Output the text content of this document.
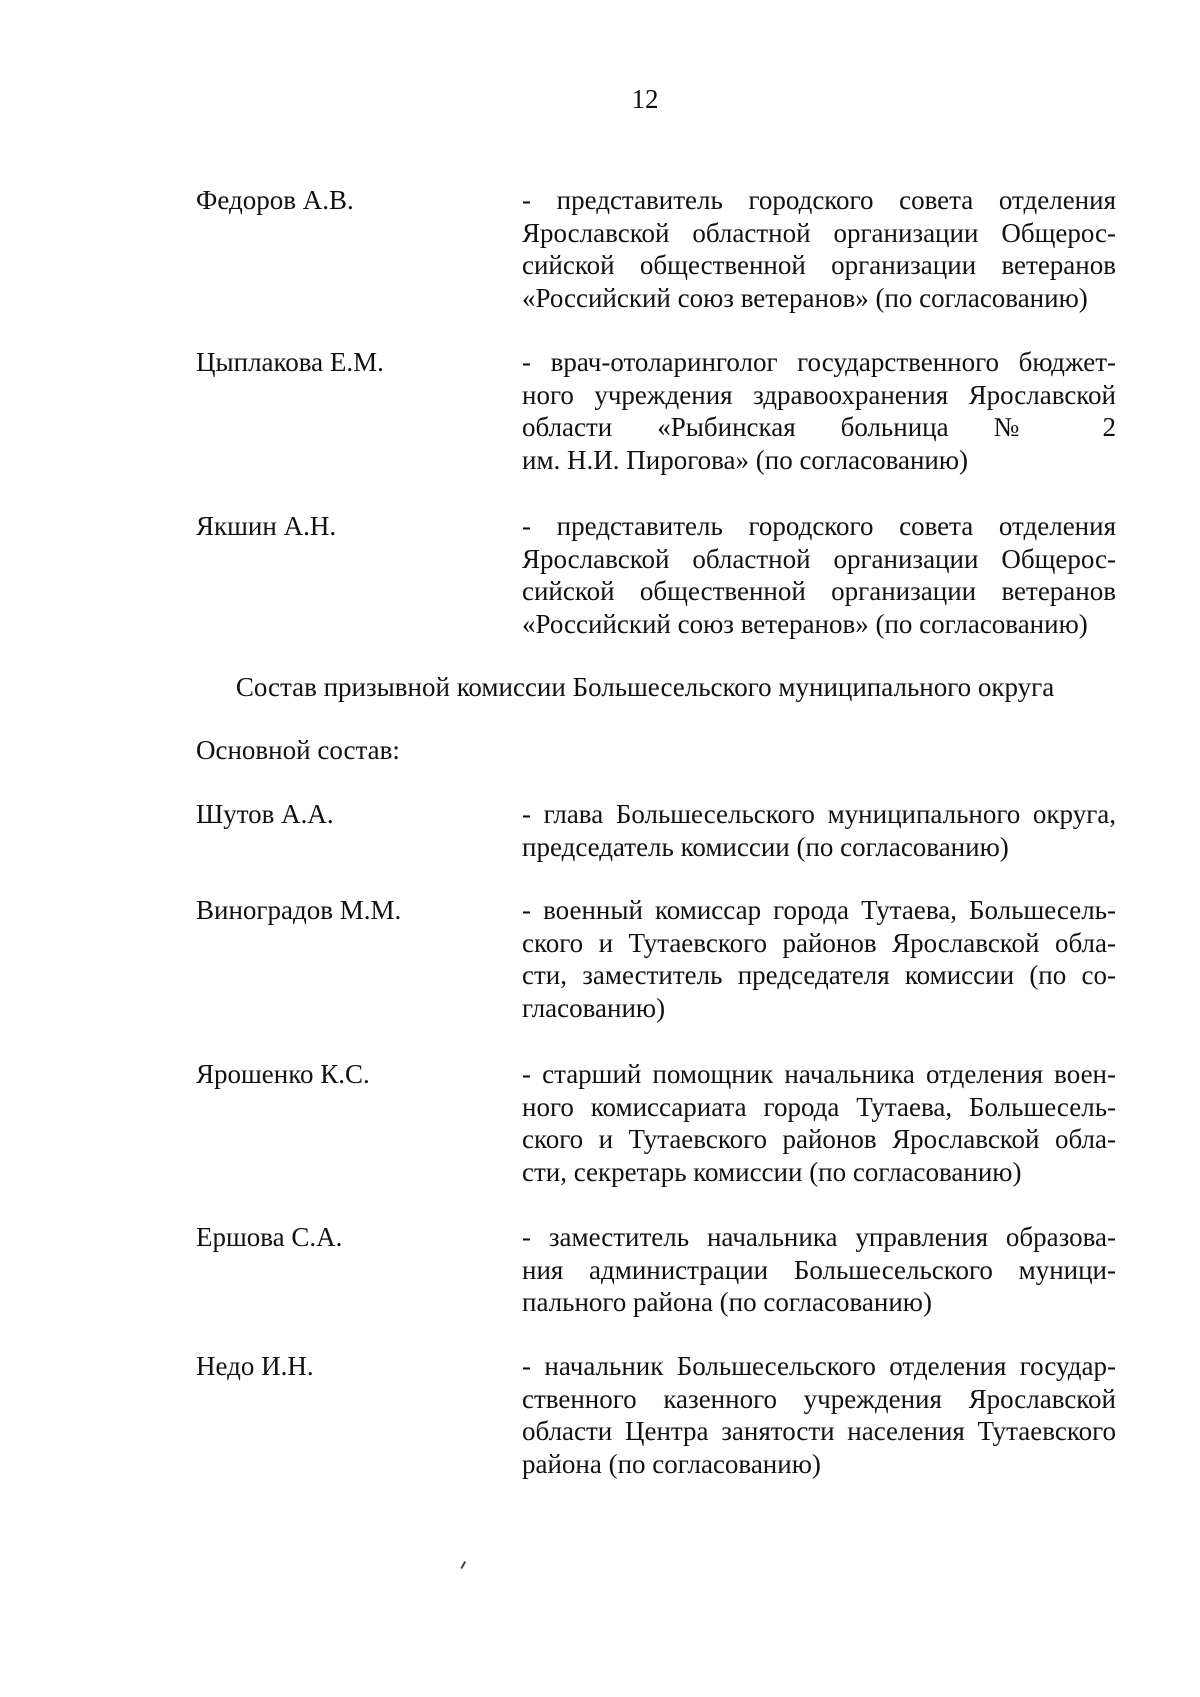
12
Федоров А.В.	- представитель городского совета отделения
Ярославской областной организации Общерос-
сийской общественной организации ветеранов
«Российский союз ветеранов» (по согласованию)
Цыплакова Е.М.	- врач-отоларинголог государственного бюджет-
ного учреждения здравоохранения Ярославской
области «Рыбинская больница № 2
им. Н.И. Пирогова» (по согласованию)
Якшин А.Н.	- представитель городского совета отделения
Ярославской областной организации Общерос-
сийской общественной организации ветеранов
«Российский союз ветеранов» (по согласованию)
Состав призывной комиссии Большесельского муниципального округа
Основной состав:
Шутов А.А.	- глава Большесельского муниципального округа,
председатель комиссии (по согласованию)
Виноградов М.М.	- военный комиссар города Тутаева, Большесель-
ского и Тутаевского районов Ярославской обла-
сти, заместитель председателя комиссии (по со-
гласованию)
Ярошенко К.С.	- старший помощник начальника отделения воен-
ного комиссариата города Тутаева, Большесель-
ского и Тутаевского районов Ярославской обла-
сти, секретарь комиссии (по согласованию)
Ершова С.А.	- заместитель начальника управления образова-
ния администрации Большесельского муници-
пального района (по согласованию)
Недо И.Н.	- начальник Большесельского отделения государ-
ственного казенного учреждения Ярославской
области Центра занятости населения Тутаевского
района (по согласованию)
